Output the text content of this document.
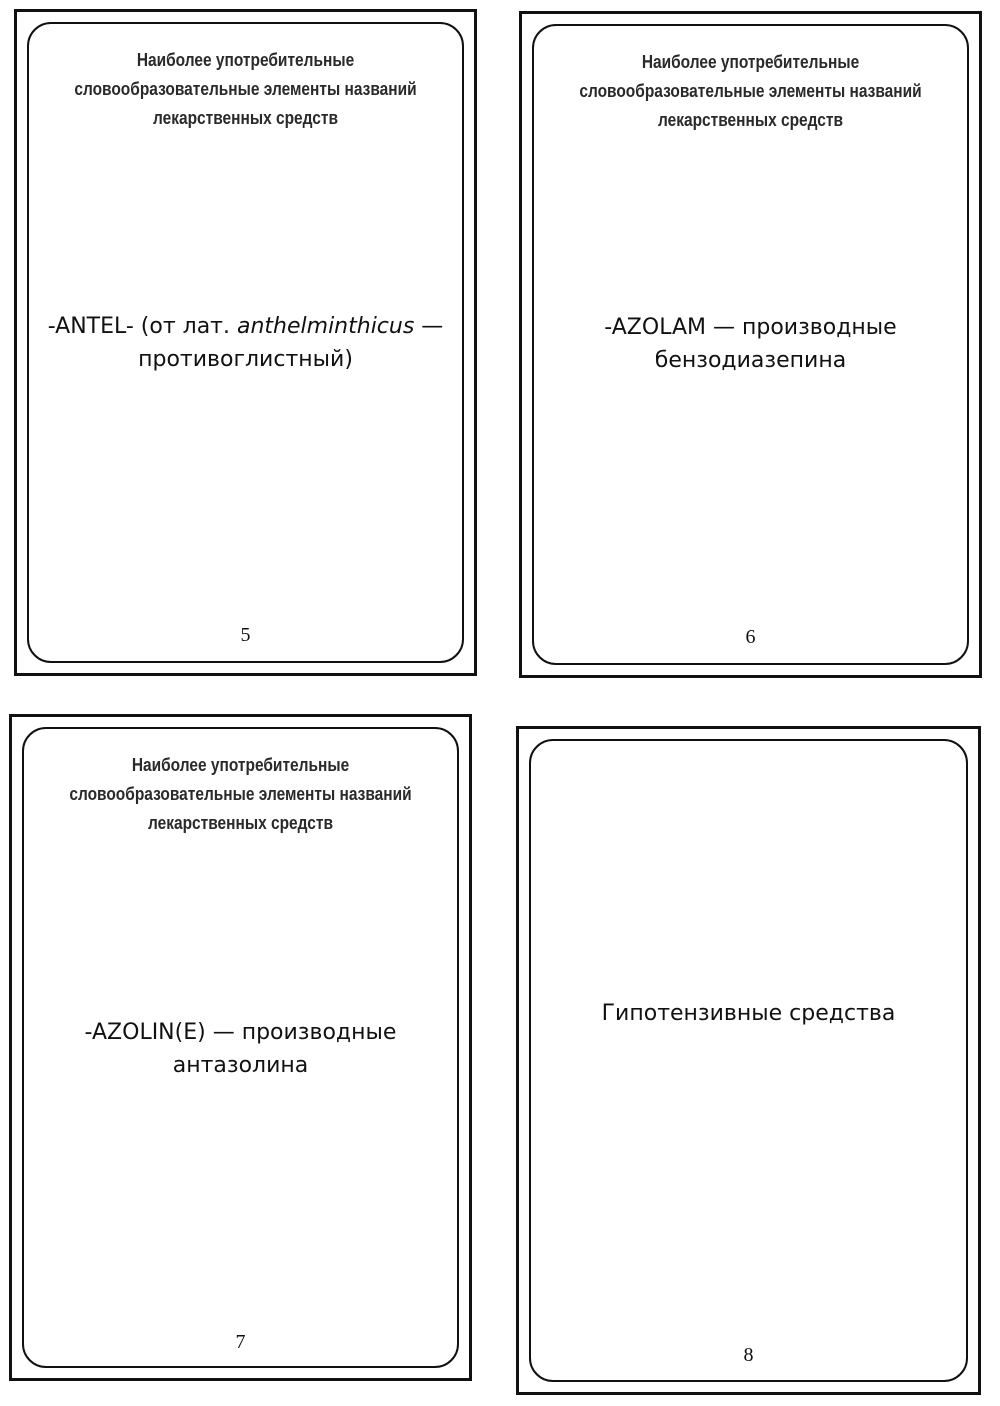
Наиболее употребительные
словообразовательные элементы названий
лекарственных средств
-ANTEL- (от лат. anthelminthicus —
противоглистный)
5
Наиболее употребительные
словообразовательные элементы названий
лекарственных средств
-AZOLAM — производные
бензодиазепина
6
Наиболее употребительные
словообразовательные элементы названий
лекарственных средств
-AZOLIN(E) — производные
антазолина
7
Гипотензивные средства
8
